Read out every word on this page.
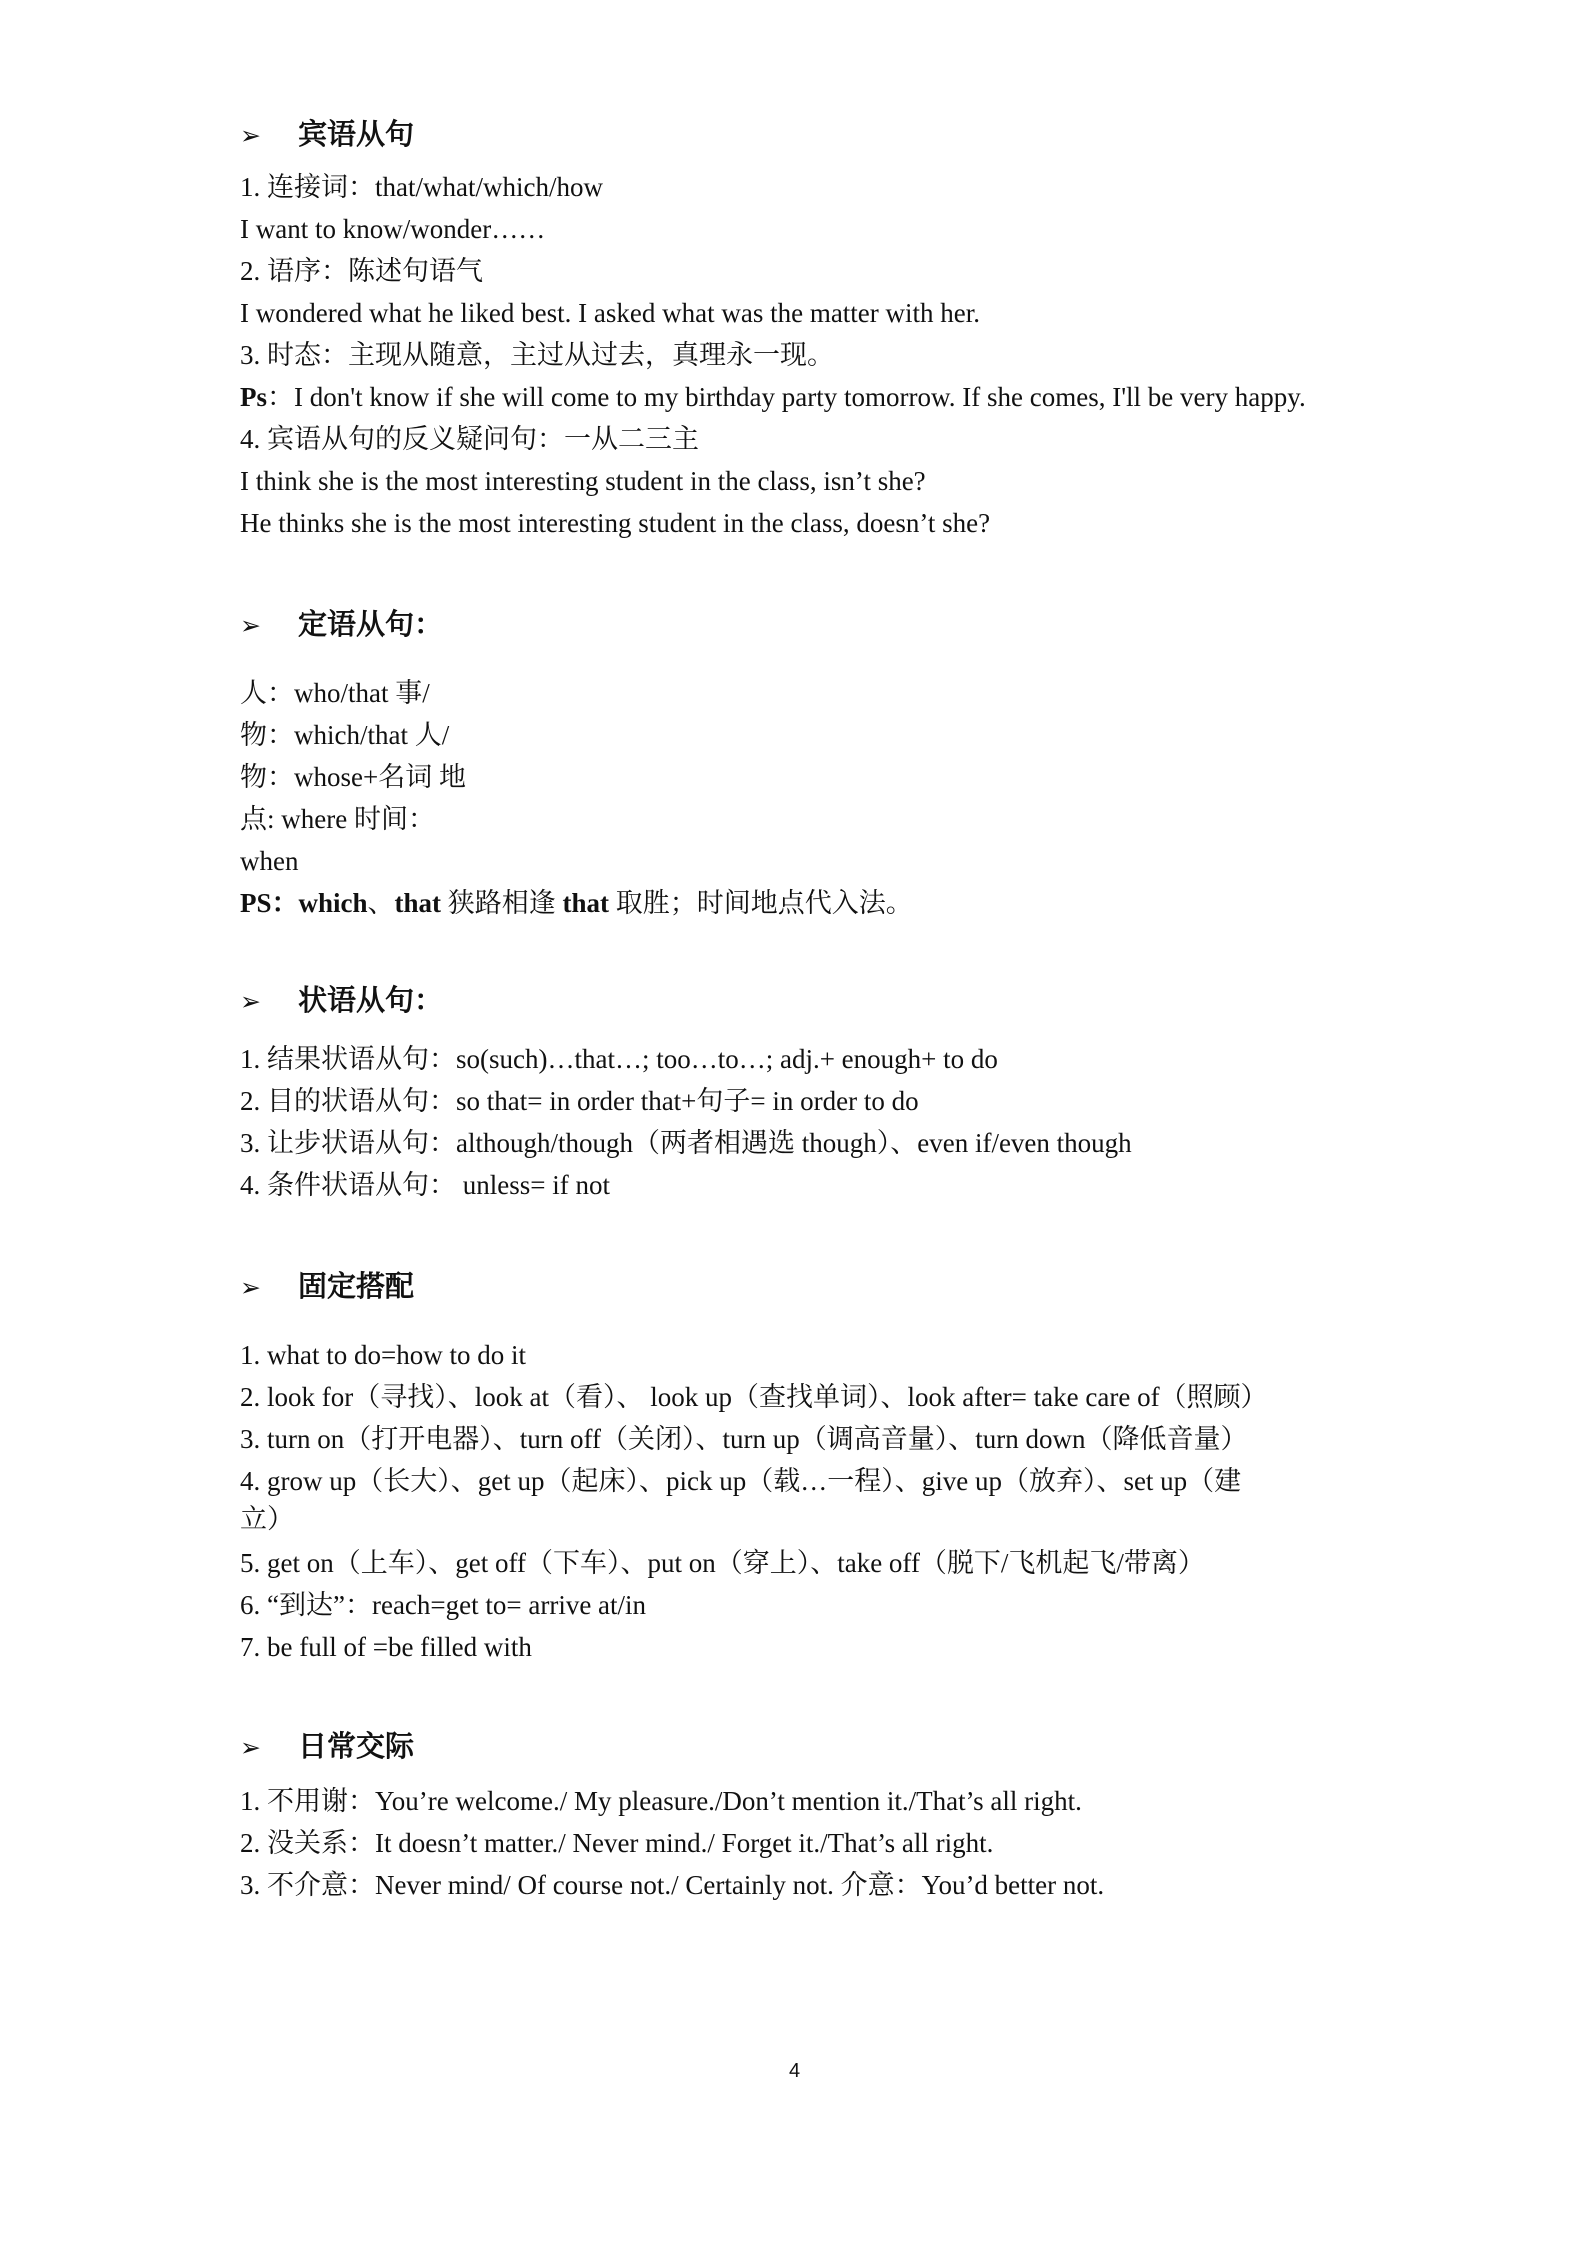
➢ 宾语从句
1. 连接词：that/what/which/how
I want to know/wonder……
2. 语序：陈述句语气
I wondered what he liked best. I asked what was the matter with her.
3. 时态：主现从随意，主过从过去，真理永一现。
Ps：I don't know if she will come to my birthday party tomorrow. If she comes, I'll be very happy.
4. 宾语从句的反义疑问句：一从二三主
I think she is the most interesting student in the class, isn’t she?
He thinks she is the most interesting student in the class, doesn’t she?
➢ 定语从句：
人：who/that 事/
物：which/that 人/
物：whose+名词 地
点: where 时间：
when
PS：which、that 狭路相逢 that 取胜；时间地点代入法。
➢ 状语从句：
1. 结果状语从句：so(such)…that…; too…to…; adj.+ enough+ to do
2. 目的状语从句：so that= in order that+句子= in order to do
3. 让步状语从句：although/though（两者相遇选 though）、even if/even though
4. 条件状语从句： unless= if not
➢ 固定搭配
1. what to do=how to do it
2. look for（寻找）、look at（看）、 look up（查找单词）、look after= take care of（照顾）
3. turn on（打开电器）、turn off（关闭）、turn up（调高音量）、turn down（降低音量）
4. grow up（长大）、get up（起床）、pick up（载…一程）、give up（放弃）、set up（建
立）
5. get on（上车）、get off（下车）、put on（穿上）、take off（脱下/飞机起飞/带离）
6. “到达”：reach=get to= arrive at/in
7. be full of =be filled with
➢ 日常交际
1. 不用谢：You’re welcome./ My pleasure./Don’t mention it./That’s all right.
2. 没关系：It doesn’t matter./ Never mind./ Forget it./That’s all right.
3. 不介意：Never mind/ Of course not./ Certainly not. 介意：You’d better not.
4
